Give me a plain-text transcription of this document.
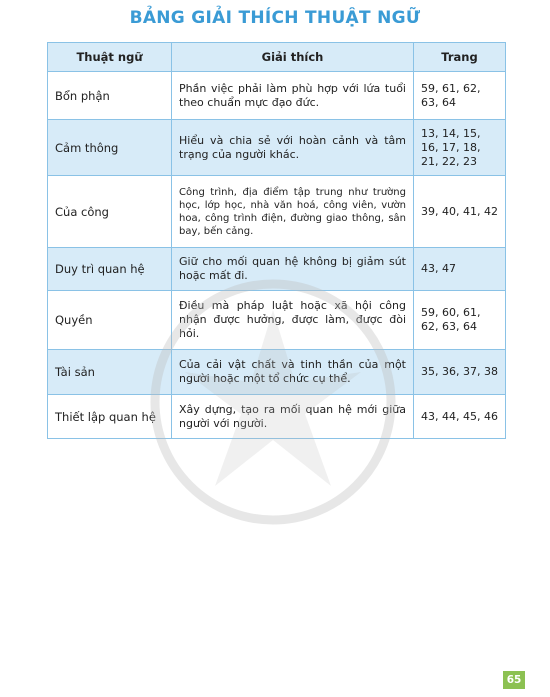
BẢNG GIẢI THÍCH THUẬT NGỮ
Thuật ngữ	Giải thích	Trang
Bổn phận	Phần việc phải làm phù hợp với lứa tuổi theo chuẩn mực đạo đức.	59, 61, 62, 63, 64
Cảm thông	Hiểu và chia sẻ với hoàn cảnh và tâm trạng của người khác.	13, 14, 15, 16, 17, 18, 21, 22, 23
Của công	Công trình, địa điểm tập trung như trường học, lớp học, nhà văn hoá, công viên, vườn hoa, công trình điện, đường giao thông, sân bay, bến cảng.	39, 40, 41, 42
Duy trì quan hệ	Giữ cho mối quan hệ không bị giảm sút hoặc mất đi.	43, 47
Quyền	Điều mà pháp luật hoặc xã hội công nhận được hưởng, được làm, được đòi hỏi.	59, 60, 61, 62, 63, 64
Tài sản	Của cải vật chất và tinh thần của một người hoặc một tổ chức cụ thể.	35, 36, 37, 38
Thiết lập quan hệ	Xây dựng, tạo ra mối quan hệ mới giữa người với người.	43, 44, 45, 46
65
